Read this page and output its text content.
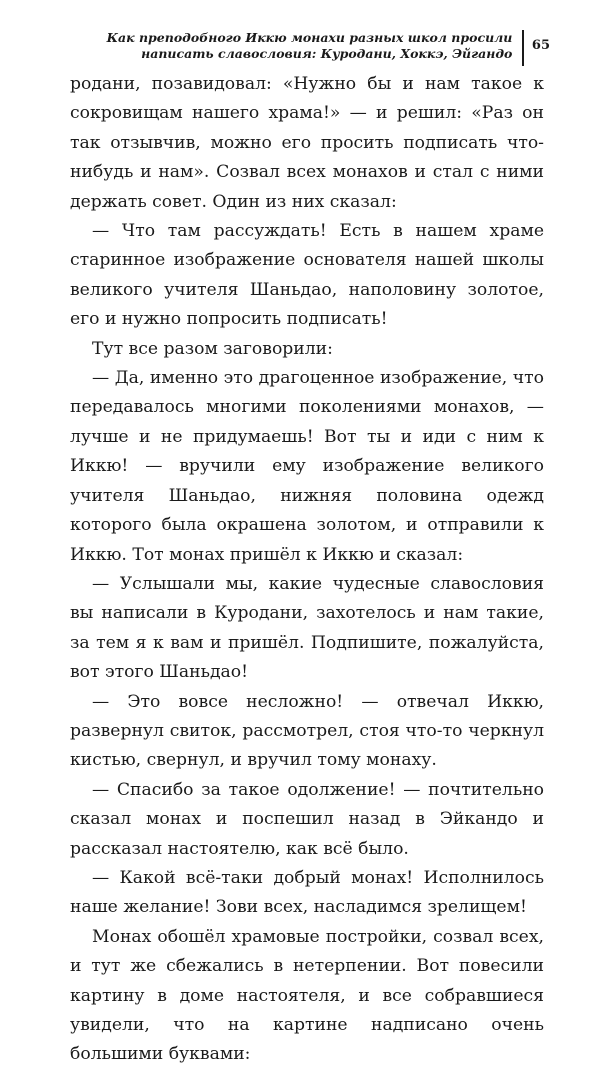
Как преподобного Иккю монахи разных школ просили
написать славословия: Куродани, Хоккэ, Эйгандо
65

родани, позавидовал: «Нужно бы и нам такое к сокровищам нашего храма!» — и решил: «Раз он так отзывчив, можно его просить подписать что-нибудь и нам». Созвал всех монахов и стал с ними держать совет. Один из них сказал:

— Что там рассуждать! Есть в нашем храме старинное изображение основателя нашей школы великого учителя Шаньдао, наполовину золотое, его и нужно попросить подписать!

Тут все разом заговорили:

— Да, именно это драгоценное изображение, что передавалось многими поколениями монахов, — лучше и не придумаешь! Вот ты и иди с ним к Иккю! — вручили ему изображение великого учителя Шаньдао, нижняя половина одежд которого была окрашена золотом, и отправили к Иккю. Тот монах пришёл к Иккю и сказал:

— Услышали мы, какие чудесные славословия вы написали в Куродани, захотелось и нам такие, за тем я к вам и пришёл. Подпишите, пожалуйста, вот этого Шаньдао!

— Это вовсе несложно! — отвечал Иккю, развернул свиток, рассмотрел, стоя что-то черкнул кистью, свернул, и вручил тому монаху.

— Спасибо за такое одолжение! — почтительно сказал монах и поспешил назад в Эйкандо и рассказал настоятелю, как всё было.

— Какой всё-таки добрый монах! Исполнилось наше желание! Зови всех, насладимся зрелищем!

Монах обошёл храмовые постройки, созвал всех, и тут же сбежались в нетерпении. Вот повесили картину в доме настоятеля, и все собравшиеся увидели, что на картине надписано очень большими буквами:
